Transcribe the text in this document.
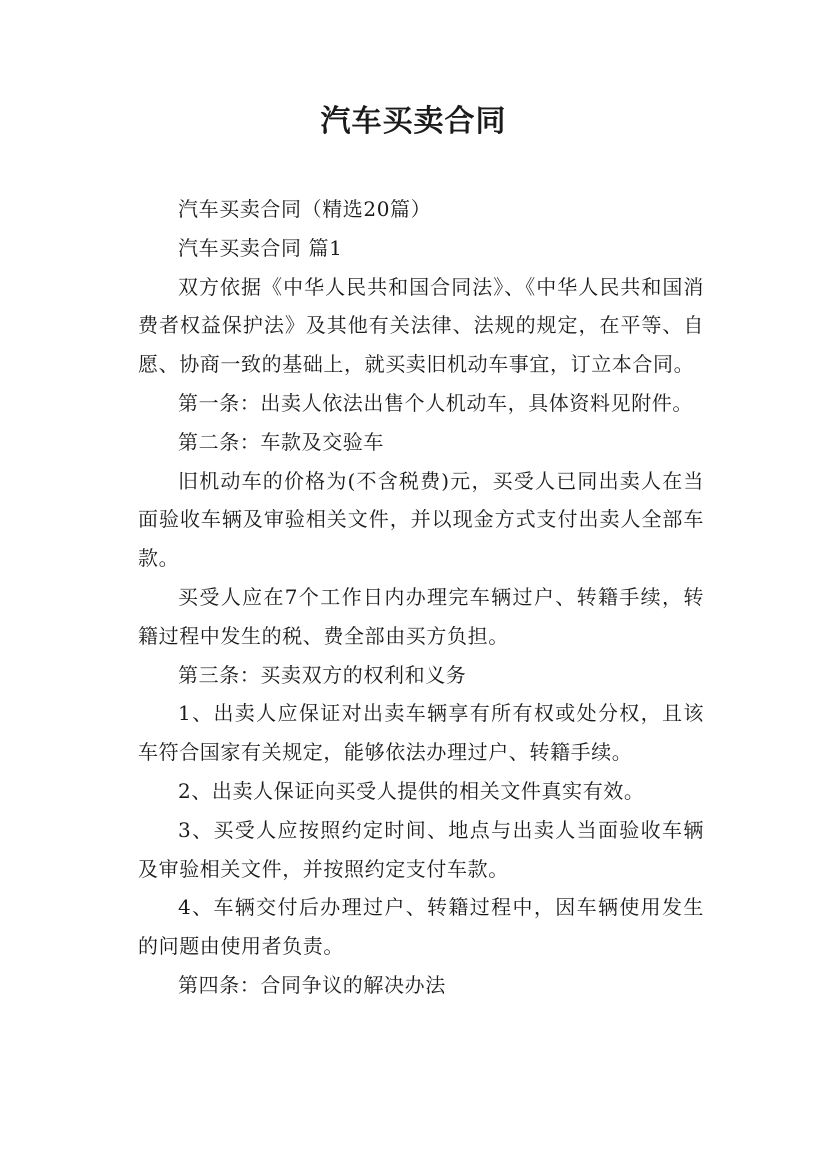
汽车买卖合同

汽车买卖合同（精选20篇）

汽车买卖合同 篇1

双方依据《中华人民共和国合同法》、《中华人民共和国消费者权益保护法》及其他有关法律、法规的规定，在平等、自愿、协商一致的基础上，就买卖旧机动车事宜，订立本合同。

第一条：出卖人依法出售个人机动车，具体资料见附件。

第二条：车款及交验车

旧机动车的价格为(不含税费)元，买受人已同出卖人在当面验收车辆及审验相关文件，并以现金方式支付出卖人全部车款。

买受人应在7个工作日内办理完车辆过户、转籍手续，转籍过程中发生的税、费全部由买方负担。

第三条：买卖双方的权利和义务

1、出卖人应保证对出卖车辆享有所有权或处分权，且该车符合国家有关规定，能够依法办理过户、转籍手续。

2、出卖人保证向买受人提供的相关文件真实有效。

3、买受人应按照约定时间、地点与出卖人当面验收车辆及审验相关文件，并按照约定支付车款。

4、车辆交付后办理过户、转籍过程中，因车辆使用发生的问题由使用者负责。

第四条：合同争议的解决办法
